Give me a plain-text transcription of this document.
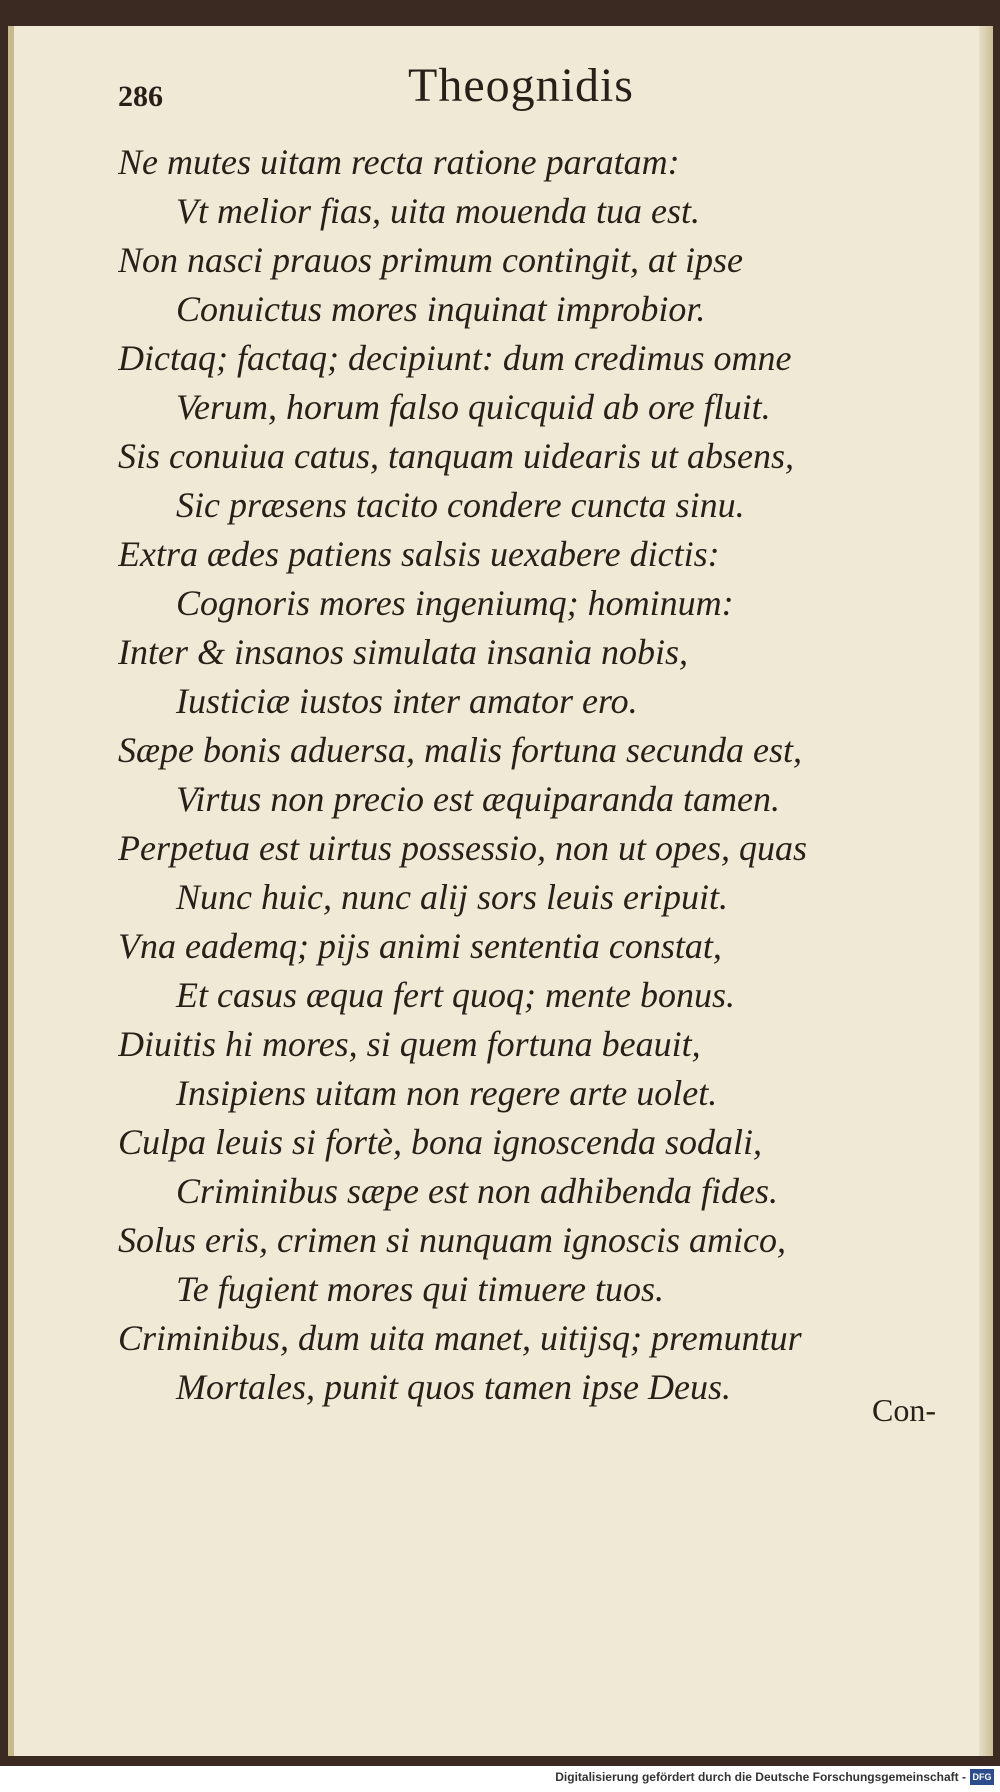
286	Theognidis
Ne mutes uitam recta ratione paratam:
Vt melior fias, uita mouenda tua est.
Non nasci prauos primum contingit, at ipse
Conuictus mores inquinat improbior.
Dictaq; factaq; decipiunt: dum credimus omne
Verum, horum falso quicquid ab ore fluit.
Sis conuiua catus, tanquam uidearis ut absens,
Sic præsens tacito condere cuncta sinu.
Extra ædes patiens salsis uexabere dictis:
Cognoris mores ingeniumq; hominum:
Inter & insanos simulata insania nobis,
Iusticiæ iustos inter amator ero.
Sæpe bonis aduersa, malis fortuna secunda est,
Virtus non precio est æquiparanda tamen.
Perpetua est uirtus possessio, non ut opes, quas
Nunc huic, nunc alij sors leuis eripuit.
Vna eademq; pijs animi sententia constat,
Et casus æqua fert quoq; mente bonus.
Diuitis hi mores, si quem fortuna beauit,
Insipiens uitam non regere arte uolet.
Culpa leuis si fortè, bona ignoscenda sodali,
Criminibus sæpe est non adhibenda fides.
Solus eris, crimen si nunquam ignoscis amico,
Te fugient mores qui timuere tuos.
Criminibus, dum uita manet, uitijsq; premuntur
Mortales, punit quos tamen ipse Deus.
Con-
Digitalisierung gefördert durch die Deutsche Forschungsgemeinschaft - DFG
